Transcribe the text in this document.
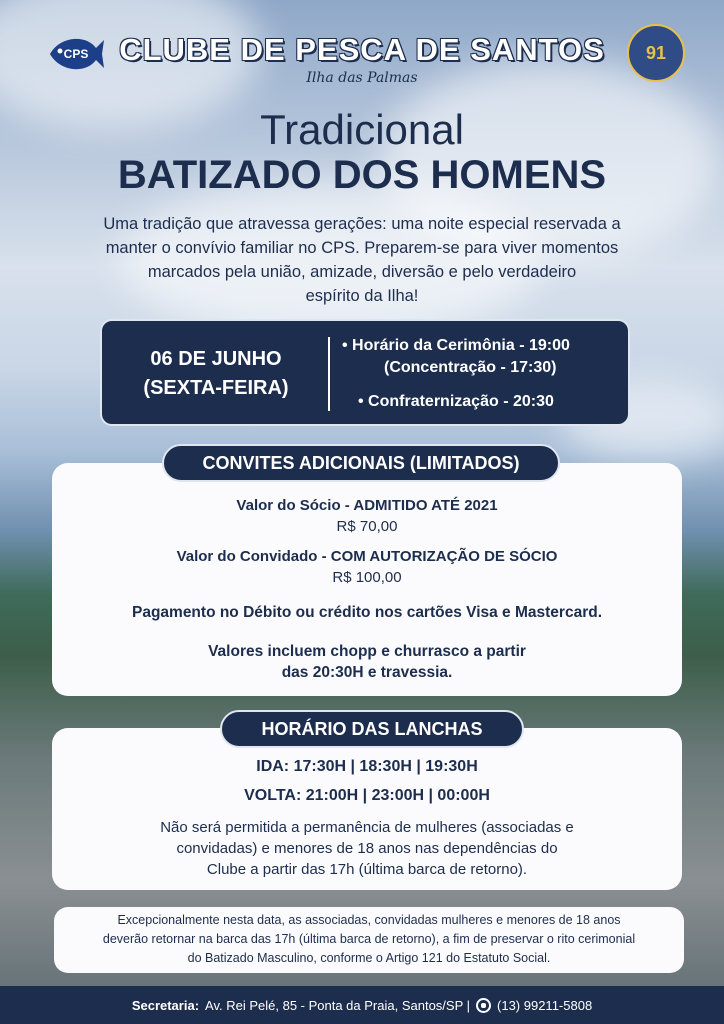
CPS	91
CLUBE DE PESCA DE SANTOS
Ilha das Palmas
Tradicional
BATIZADO DOS HOMENS
Uma tradição que atravessa gerações: uma noite especial reservada a
manter o convívio familiar no CPS. Preparem-se para viver momentos
marcados pela união, amizade, diversão e pelo verdadeiro
espírito da Ilha!
06 DE JUNHO
(SEXTA-FEIRA)
• Horário da Cerimônia - 19:00
(Concentração - 17:30)
• Confraternização - 20:30
Valor do Sócio - ADMITIDO ATÉ 2021
R$ 70,00
Valor do Convidado - COM AUTORIZAÇÃO DE SÓCIO
R$ 100,00
Pagamento no Débito ou crédito nos cartões Visa e Mastercard.
Valores incluem chopp e churrasco a partir
das 20:30H e travessia.
CONVITES ADICIONAIS (LIMITADOS)
IDA: 17:30H | 18:30H | 19:30H
VOLTA: 21:00H | 23:00H | 00:00H
Não será permitida a permanência de mulheres (associadas e
convidadas) e menores de 18 anos nas dependências do
Clube a partir das 17h (última barca de retorno).
HORÁRIO DAS LANCHAS
Excepcionalmente nesta data, as associadas, convidadas mulheres e menores de 18 anos
deverão retornar na barca das 17h (última barca de retorno), a fim de preservar o rito cerimonial
do Batizado Masculino, conforme o Artigo 121 do Estatuto Social.
Secretaria: Av. Rei Pelé, 85 - Ponta da Praia, Santos/SP | (13) 99211-5808
